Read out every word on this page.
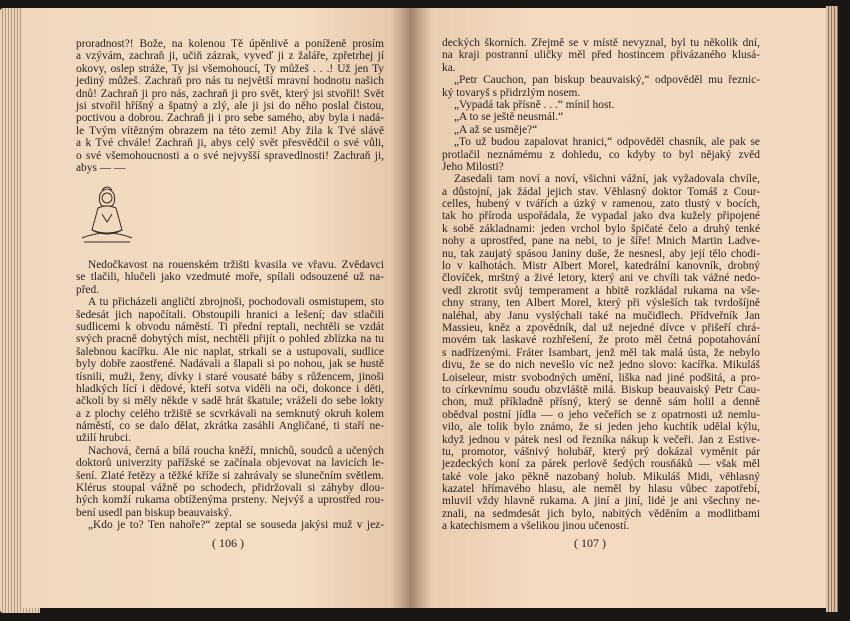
proradnost?! Bože, na kolenou Tě úpěnlivě a poníženě prosím
a vzývám, zachraň ji, učiň zázrak, vyveď ji z žaláře, zpřetrhej jí
okovy, oslep stráže, Ty jsi všemohoucí, Ty můžeš . . .! Už jen Ty
jediný můžeš. Zachraň pro nás tu největší mravní hodnotu našich
dnů! Zachraň ji pro nás, zachraň ji pro svět, který jsi stvořil! Svět
jsi stvořil hříšný a špatný a zlý, ale ji jsi do něho poslal čistou,
poctivou a dobrou. Zachraň ji i pro sebe samého, aby byla i nadá-
le Tvým vítězným obrazem na této zemi! Aby žila k Tvé slávě
a k Tvé chvále! Zachraň ji, abys celý svět přesvědčil o své vůli,
o své všemohoucnosti a o své nejvyšší spravedlnosti! Zachraň ji,
abys — —
Nedočkavost na rouenském tržišti kvasila ve vřavu. Zvědavci
se tlačili, hlučeli jako vzedmuté moře, spílali odsouzené už na-
před.
A tu přicházeli angličtí zbrojnoši, pochodovali osmistupem, sto
šedesát jich napočítali. Obstoupili hranici a lešení; dav stlačili
sudlicemi k obvodu náměstí. Ti přední reptali, nechtěli se vzdát
svých pracně dobytých míst, nechtěli přijít o pohled zblízka na tu
šalebnou kacířku. Ale nic naplat, strkali se a ustupovali, sudlice
byly dobře zaostřené. Nadávali a šlapali si po nohou, jak se hustě
tísnili, muži, ženy, dívky i staré vousaté báby s růžencem, jinoši
hladkých lící i dědové, kteří sotva viděli na oči, dokonce i děti,
ačkoli by si měly někde v sadě hrát škatule; vráželi do sebe lokty
a z plochy celého tržiště se scvrkávali na semknutý okruh kolem
náměstí, co se dalo dělat, zkrátka zasáhli Angličané, ti staří ne-
užilí hrubci.
Nachová, černá a bílá roucha kněží, mnichů, soudců a učených
doktorů univerzity pařížské se začínala objevovat na lavicích le-
šení. Zlaté řetězy a těžké kříže si zahrávaly se slunečním světlem.
Klérus stoupal vážně po schodech, přidržovali si záhyby dlou-
hých komží rukama obtíženýma prsteny. Nejvýš a uprostřed rou-
bení usedl pan biskup beauvaiský.
„Kdo je to? Ten nahoře?“ zeptal se souseda jakýsi muž v jez-
( 106 )
deckých škorních. Zřejmě se v místě nevyznal, byl tu několik dní,
na kraji postranní uličky měl před hostincem přivázaného klusá-
ka.
„Petr Cauchon, pan biskup beauvaiský,“ odpověděl mu řeznic-
ký tovaryš s přidrzlým nosem.
„Vypadá tak přísně . . .“ mínil host.
„A to se ještě neusmál.“
„A až se usměje?“
„To už budou zapalovat hranici,“ odpověděl chasník, ale pak se
protlačil neznámému z dohledu, co kdyby to byl nějaký zvěd
Jeho Milosti?
Zasedali tam noví a noví, všichni vážní, jak vyžadovala chvíle,
a důstojní, jak žádal jejich stav. Věhlasný doktor Tomáš z Cour-
celles, hubený v tvářích a úzký v ramenou, zato tlustý v bocích,
tak ho příroda uspořádala, že vypadal jako dva kužely připojené
k sobě základnami: jeden vrchol bylo špičaté čelo a druhý tenké
nohy a uprostřed, pane na nebi, to je šíře! Mnich Martin Ladve-
nu, tak zaujatý spásou Janiny duše, že nesnesl, aby její tělo chodi-
lo v kalhotách. Mistr Albert Morel, katedrální kanovník, drobný
človíček, mrštný a živé letory, který ani ve chvíli tak vážné nedo-
vedl zkrotit svůj temperament a hbitě rozkládal rukama na vše-
chny strany, ten Albert Morel, který při výsleších tak tvrdošíjně
naléhal, aby Janu vyslýchali také na mučidlech. Přídveřník Jan
Massieu, kněz a zpovědník, dal už nejedné dívce v přišeří chrá-
movém tak laskavé rozhřešení, že proto měl četná popotahování
s nadřízenými. Fráter Isambart, jenž měl tak malá ústa, že nebylo
divu, že se do nich nevešlo víc než jedno slovo: kacířka. Mikuláš
Loiseleur, mistr svobodných umění, liška nad jiné podšitá, a pro-
to církevnímu soudu obzvláště milá. Biskup beauvaiský Petr Cau-
chon, muž příkladně přísný, který se denně sám holil a denně
obědval postní jídla — o jeho večeřích se z opatrnosti už nemlu-
vilo, ale tolik bylo známo, že si jeden jeho kuchtík udělal kýlu,
když jednou v pátek nesl od řezníka nákup k večeři. Jan z Estive-
tu, promotor, vášnivý holubář, který prý dokázal vyměnit pár
jezdeckých koní za párek perlově šedých rousňáků — však měl
také vole jako pěkně nazobaný holub. Mikuláš Midi, věhlasný
kazatel hřímavého hlasu, ale neměl by hlasu vůbec zapotřebí,
mluvil vždy hlavně rukama. A jiní a jiní, lidé je ani všechny ne-
znali, na sedmdesát jich bylo, nabitých věděním a modlitbami
a katechismem a všelikou jinou učeností.
( 107 )
